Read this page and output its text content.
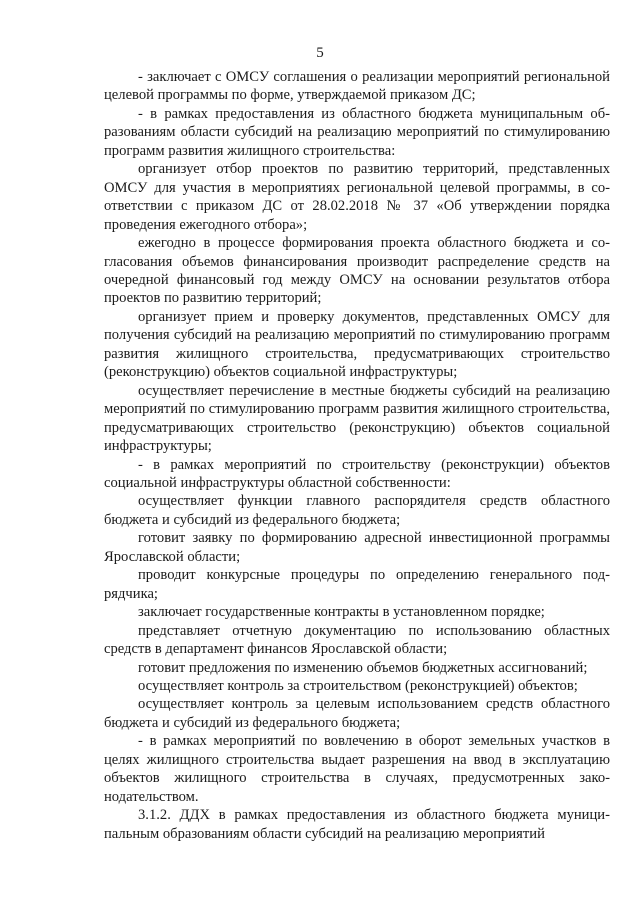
5

- заключает с ОМСУ соглашения о реализации мероприятий региональной целевой программы по форме, утверждаемой приказом ДС;

- в рамках предоставления из областного бюджета муниципальным образованиям области субсидий на реализацию мероприятий по стимулированию программ развития жилищного строительства:

организует отбор проектов по развитию территорий, представленных ОМСУ для участия в мероприятиях региональной целевой программы, в соответствии с приказом ДС от 28.02.2018 № 37 «Об утверждении порядка проведения ежегодного отбора»;

ежегодно в процессе формирования проекта областного бюджета и согласования объемов финансирования производит распределение средств на очередной финансовый год между ОМСУ на основании результатов отбора проектов по развитию территорий;

организует прием и проверку документов, представленных ОМСУ для получения субсидий на реализацию мероприятий по стимулированию программ развития жилищного строительства, предусматривающих строительство (реконструкцию) объектов социальной инфраструктуры;

осуществляет перечисление в местные бюджеты субсидий на реализацию мероприятий по стимулированию программ развития жилищного строительства, предусматривающих строительство (реконструкцию) объектов социальной инфраструктуры;

- в рамках мероприятий по строительству (реконструкции) объектов социальной инфраструктуры областной собственности:

осуществляет функции главного распорядителя средств областного бюджета и субсидий из федерального бюджета;

готовит заявку по формированию адресной инвестиционной программы Ярославской области;

проводит конкурсные процедуры по определению генерального подрядчика;

заключает государственные контракты в установленном порядке;

представляет отчетную документацию по использованию областных средств в департамент финансов Ярославской области;

готовит предложения по изменению объемов бюджетных ассигнований;

осуществляет контроль за строительством (реконструкцией) объектов;

осуществляет контроль за целевым использованием средств областного бюджета и субсидий из федерального бюджета;

- в рамках мероприятий по вовлечению в оборот земельных участков в целях жилищного строительства выдает разрешения на ввод в эксплуатацию объектов жилищного строительства в случаях, предусмотренных законодательством.

3.1.2. ДДХ в рамках предоставления из областного бюджета муниципальным образованиям области субсидий на реализацию мероприятий
